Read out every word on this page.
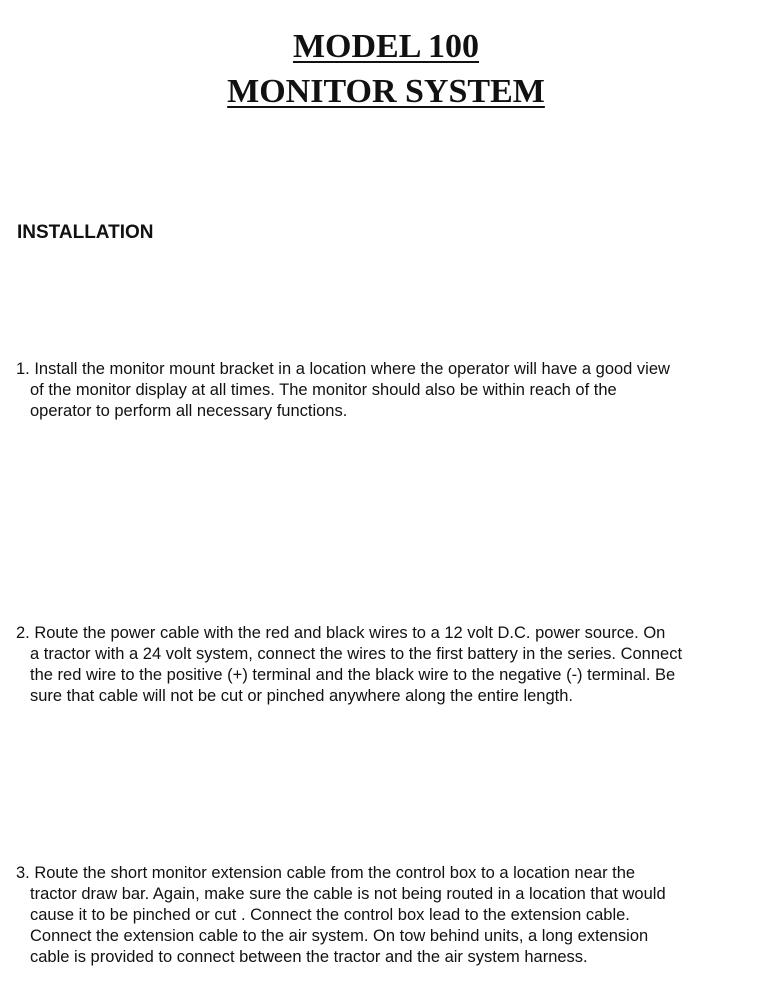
MODEL 100
MONITOR SYSTEM
INSTALLATION

1. Install the monitor mount bracket in a location where the operator will have a good view
of the monitor display at all times. The monitor should also be within reach of the
operator to perform all necessary functions.

2. Route the power cable with the red and black wires to a 12 volt D.C. power source. On
a tractor with a 24 volt system, connect the wires to the first battery in the series. Connect
the red wire to the positive (+) terminal and the black wire to the negative (-) terminal. Be
sure that cable will not be cut or pinched anywhere along the entire length.

3. Route the short monitor extension cable from the control box to a location near the
tractor draw bar. Again, make sure the cable is not being routed in a location that would
cause it to be pinched or cut . Connect the control box lead to the extension cable.
Connect the extension cable to the air system. On tow behind units, a long extension
cable is provided to connect between the tractor and the air system harness.
